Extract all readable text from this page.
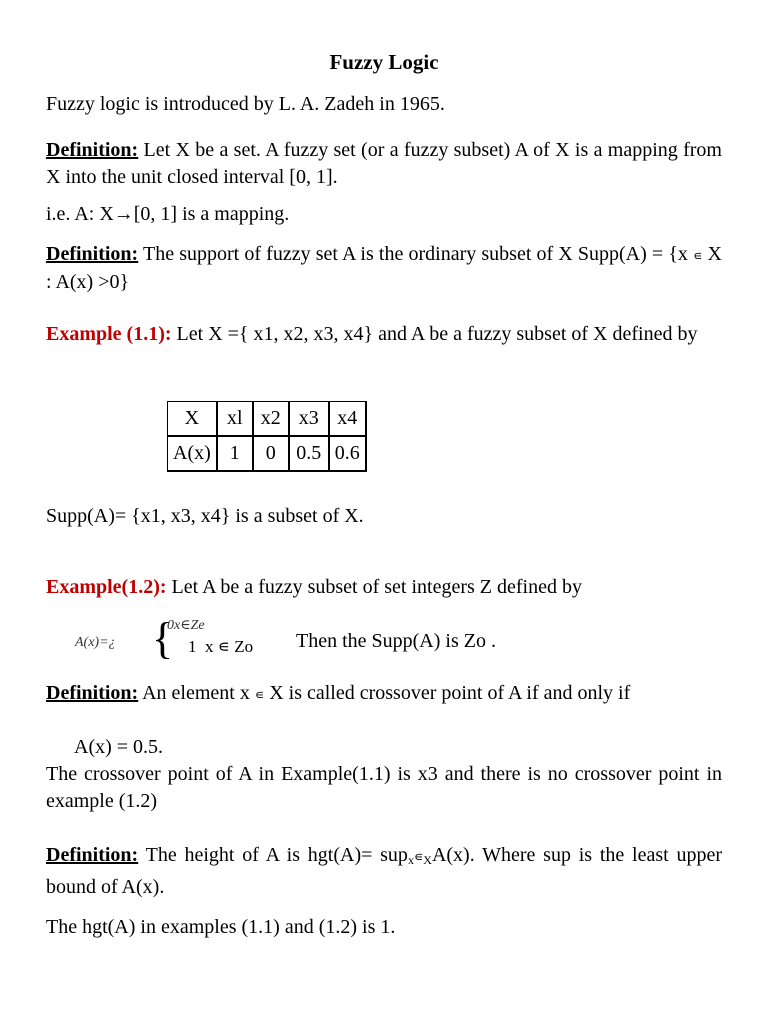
Fuzzy Logic
Fuzzy logic is introduced by L. A. Zadeh in 1965.
Definition: Let X be a set. A fuzzy set (or a fuzzy subset) A of X is a mapping from X into the unit closed interval [0, 1].
i.e. A: X→[0, 1] is a mapping.
Definition: The support of fuzzy set A is the ordinary subset of X Supp(A) = {x ∊ X : A(x) >0}
Example (1.1): Let X ={ x1, x2, x3, x4} and A be a fuzzy subset of X defined by
X	xl	x2	x3	x4
A(x)	1	0	0.5	0.6
Supp(A)= {x1, x3, x4} is a subset of X.
Example(1.2): Let A be a fuzzy subset of set integers Z defined by
A(x)=¿ {
0x∈Ze
1  x ∊ Zo Then the Supp(A) is Zo .
Definition: An element x ∊ X is called crossover point of A if and only if
A(x) = 0.5.
The crossover point of A in Example(1.1) is x3 and there is no crossover point in example (1.2)
Definition: The height of A is $hgt(A)= sup_x∊_XA(x)$. Where sup is the least upper bound of A(x).
The hgt(A) in examples (1.1) and (1.2) is 1.
